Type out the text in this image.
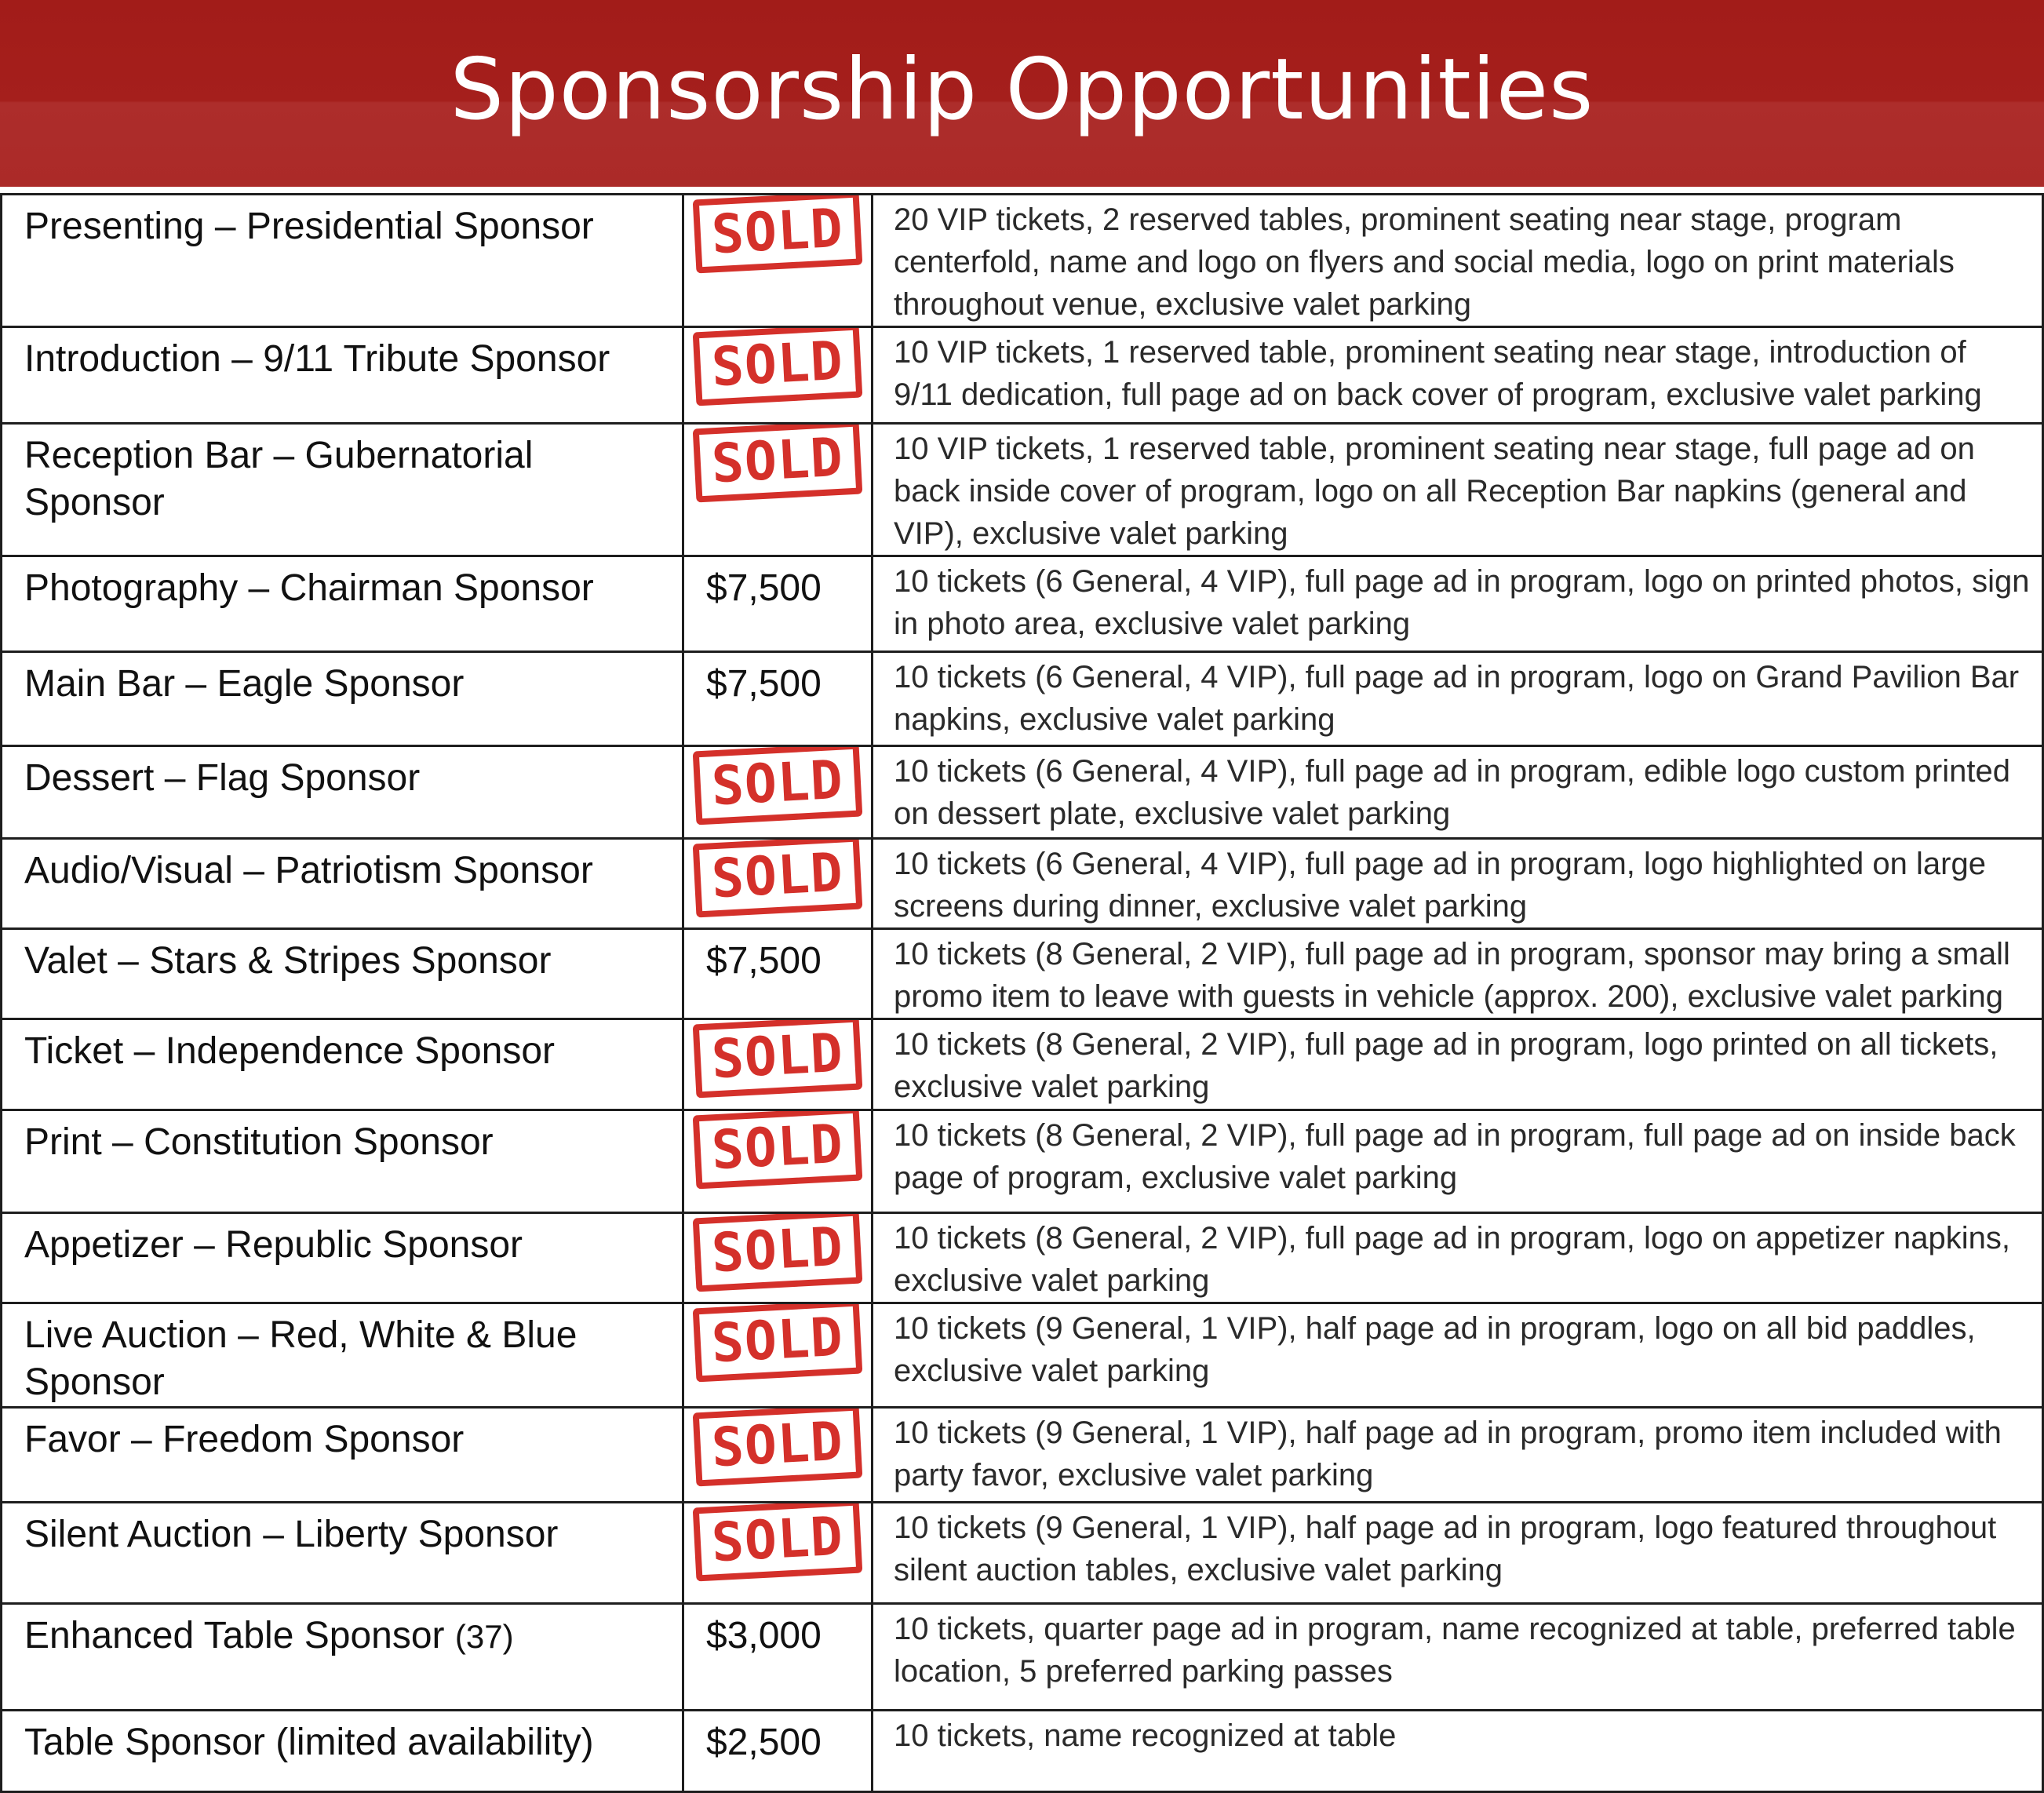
Sponsorship Opportunities
Presenting – Presidential Sponsor	SOLD	20 VIP tickets, 2 reserved tables, prominent seating near stage, program centerfold, name and logo on flyers and social media, logo on print materials throughout venue, exclusive valet parking

Introduction – 9/11 Tribute Sponsor	SOLD	10 VIP tickets, 1 reserved table, prominent seating near stage, introduction of 9/11 dedication, full page ad on back cover of program, exclusive valet parking

Reception Bar – Gubernatorial Sponsor	SOLD	10 VIP tickets, 1 reserved table, prominent seating near stage, full page ad on back inside cover of program, logo on all Reception Bar napkins (general and VIP), exclusive valet parking

Photography – Chairman Sponsor	$7,500	10 tickets (6 General, 4 VIP), full page ad in program, logo on printed photos, sign in photo area, exclusive valet parking

Main Bar – Eagle Sponsor	$7,500	10 tickets (6 General, 4 VIP), full page ad in program, logo on Grand Pavilion Bar napkins, exclusive valet parking

Dessert – Flag Sponsor	SOLD	10 tickets (6 General, 4 VIP), full page ad in program, edible logo custom printed on dessert plate, exclusive valet parking

Audio/Visual – Patriotism Sponsor	SOLD	10 tickets (6 General, 4 VIP), full page ad in program, logo highlighted on large screens during dinner, exclusive valet parking

Valet – Stars & Stripes Sponsor	$7,500	10 tickets (8 General, 2 VIP), full page ad in program, sponsor may bring a small promo item to leave with guests in vehicle (approx. 200), exclusive valet parking

Ticket – Independence Sponsor	SOLD	10 tickets (8 General, 2 VIP), full page ad in program, logo printed on all tickets, exclusive valet parking

Print – Constitution Sponsor	SOLD	10 tickets (8 General, 2 VIP), full page ad in program, full page ad on inside back page of program, exclusive valet parking

Appetizer – Republic Sponsor	SOLD	10 tickets (8 General, 2 VIP), full page ad in program, logo on appetizer napkins, exclusive valet parking

Live Auction – Red, White & Blue Sponsor	SOLD	10 tickets (9 General, 1 VIP), half page ad in program, logo on all bid paddles, exclusive valet parking

Favor – Freedom Sponsor	SOLD	10 tickets (9 General, 1 VIP), half page ad in program, promo item included with party favor, exclusive valet parking

Silent Auction – Liberty Sponsor	SOLD	10 tickets (9 General, 1 VIP), half page ad in program, logo featured throughout silent auction tables, exclusive valet parking

Enhanced Table Sponsor (37)	$3,000	10 tickets, quarter page ad in program, name recognized at table, preferred table location, 5 preferred parking passes

Table Sponsor (limited availability)	$2,500	10 tickets, name recognized at table
